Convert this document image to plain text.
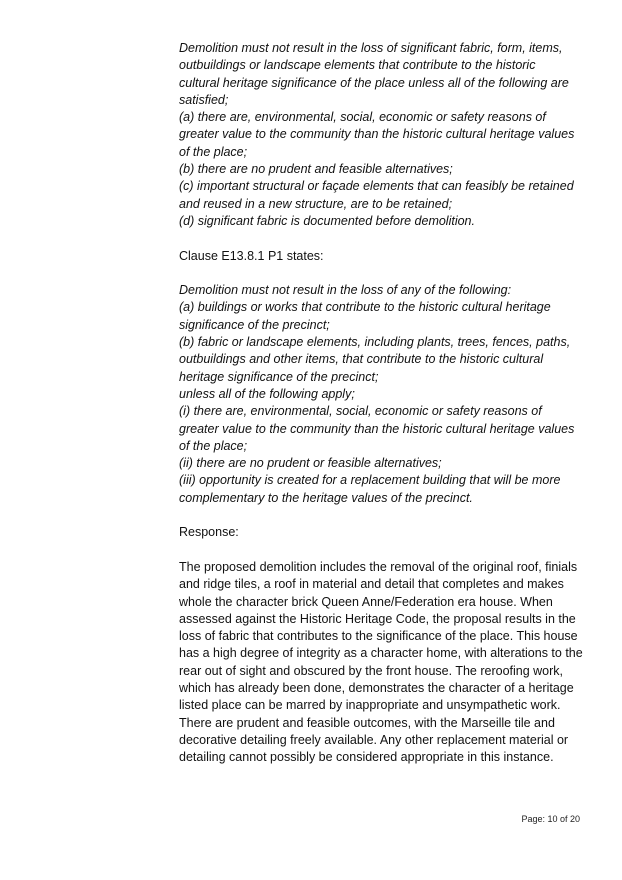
Demolition must not result in the loss of significant fabric, form, items,

outbuildings or landscape elements that contribute to the historic

cultural heritage significance of the place unless all of the following are

satisfied;

(a) there are, environmental, social, economic or safety reasons of

greater value to the community than the historic cultural heritage values

of the place;

(b) there are no prudent and feasible alternatives;

(c) important structural or façade elements that can feasibly be retained

and reused in a new structure, are to be retained;

(d) significant fabric is documented before demolition.

Clause E13.8.1 P1 states:

Demolition must not result in the loss of any of the following:

(a) buildings or works that contribute to the historic cultural heritage

significance of the precinct;

(b) fabric or landscape elements, including plants, trees, fences, paths,

outbuildings and other items, that contribute to the historic cultural

heritage significance of the precinct;

unless all of the following apply;

(i) there are, environmental, social, economic or safety reasons of

greater value to the community than the historic cultural heritage values

of the place;

(ii) there are no prudent or feasible alternatives;

(iii) opportunity is created for a replacement building that will be more

complementary to the heritage values of the precinct.

Response:

The proposed demolition includes the removal of the original roof, finials

and ridge tiles, a roof in material and detail that completes and makes

whole the character brick Queen Anne/Federation era house. When

assessed against the Historic Heritage Code, the proposal results in the

loss of fabric that contributes to the significance of the place. This house

has a high degree of integrity as a character home, with alterations to the

rear out of sight and obscured by the front house. The reroofing work,

which has already been done, demonstrates the character of a heritage

listed place can be marred by inappropriate and unsympathetic work.

There are prudent and feasible outcomes, with the Marseille tile and

decorative detailing freely available. Any other replacement material or

detailing cannot possibly be considered appropriate in this instance.

Page: 10 of 20
